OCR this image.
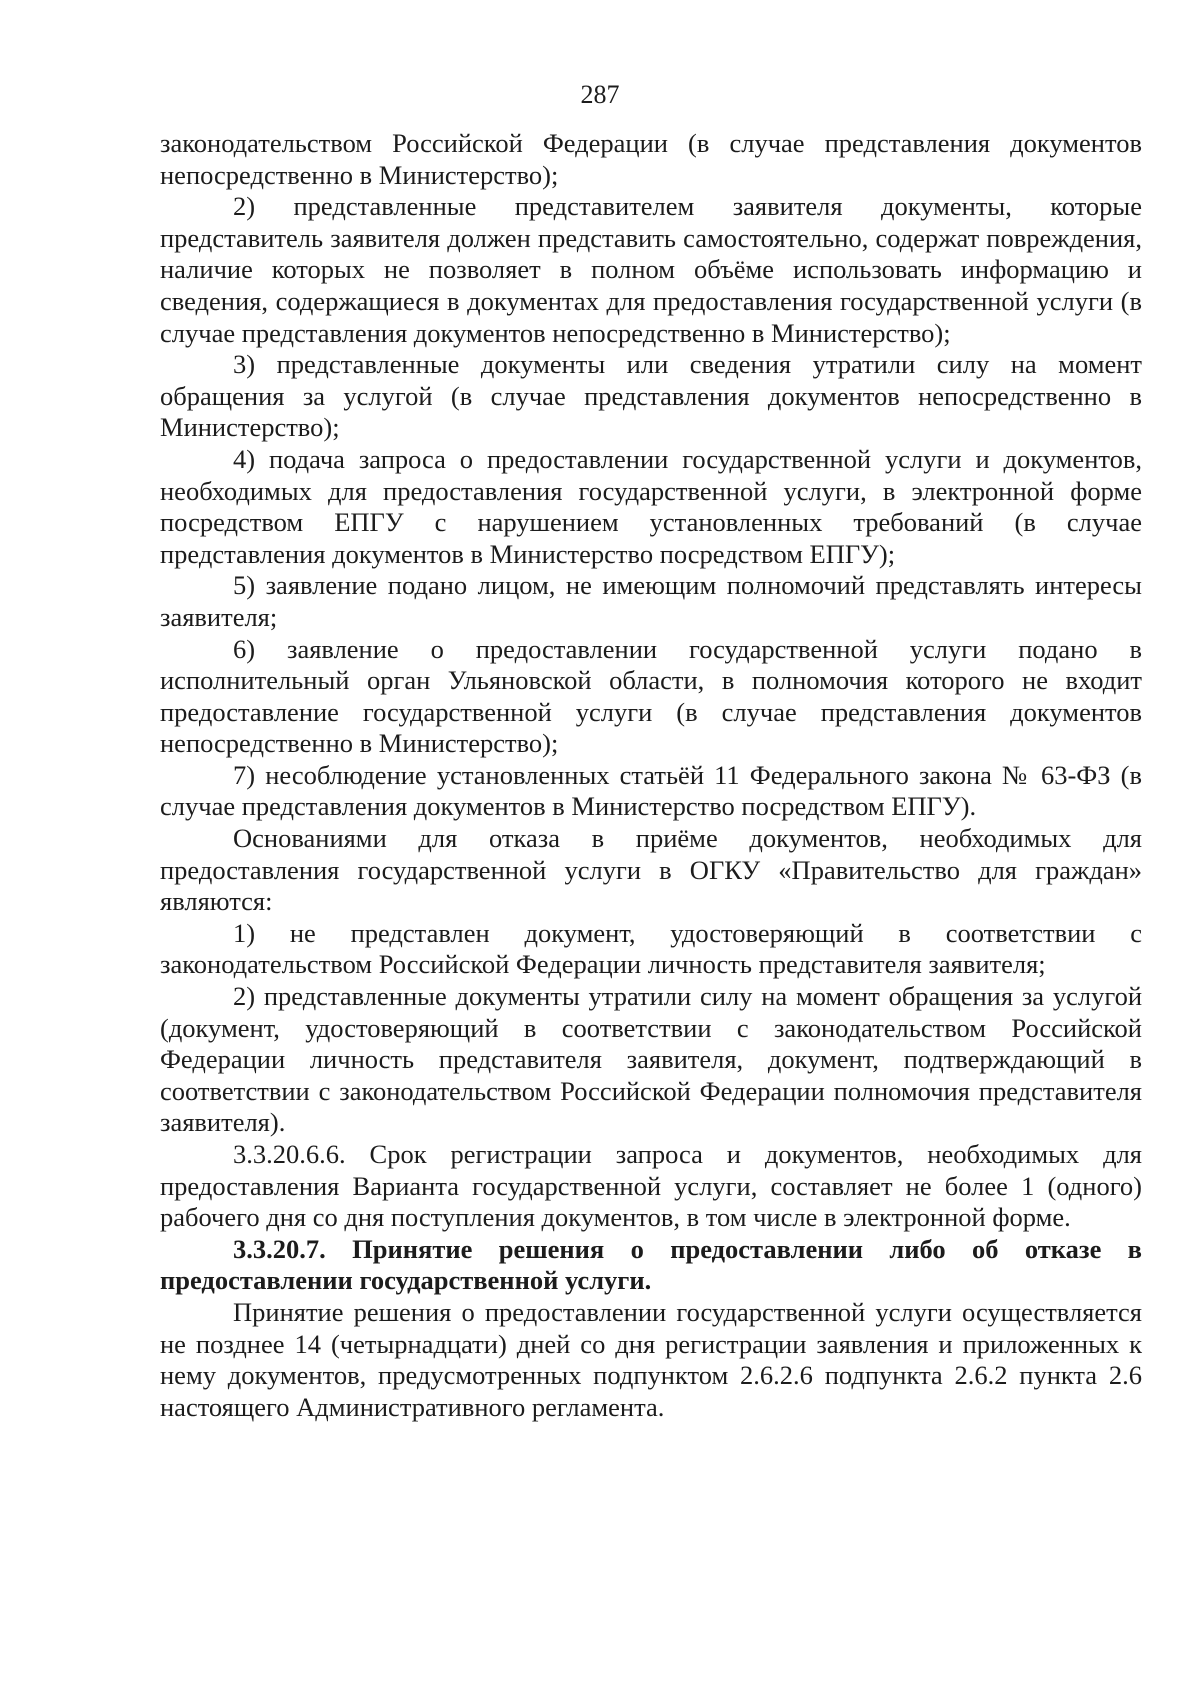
287

законодательством Российской Федерации (в случае представления документов непосредственно в Министерство);

2) представленные представителем заявителя документы, которые представитель заявителя должен представить самостоятельно, содержат повреждения, наличие которых не позволяет в полном объёме использовать информацию и сведения, содержащиеся в документах для предоставления государственной услуги (в случае представления документов непосредственно в Министерство);

3) представленные документы или сведения утратили силу на момент обращения за услугой (в случае представления документов непосредственно в Министерство);

4) подача запроса о предоставлении государственной услуги и документов, необходимых для предоставления государственной услуги, в электронной форме посредством ЕПГУ с нарушением установленных требований (в случае представления документов в Министерство посредством ЕПГУ);

5) заявление подано лицом, не имеющим полномочий представлять интересы заявителя;

6) заявление о предоставлении государственной услуги подано в исполнительный орган Ульяновской области, в полномочия которого не входит предоставление государственной услуги (в случае представления документов непосредственно в Министерство);

7) несоблюдение установленных статьёй 11 Федерального закона № 63-ФЗ (в случае представления документов в Министерство посредством ЕПГУ).

Основаниями для отказа в приёме документов, необходимых для предоставления государственной услуги в ОГКУ «Правительство для граждан» являются:

1) не представлен документ, удостоверяющий в соответствии с законодательством Российской Федерации личность представителя заявителя;

2) представленные документы утратили силу на момент обращения за услугой (документ, удостоверяющий в соответствии с законодательством Российской Федерации личность представителя заявителя, документ, подтверждающий в соответствии с законодательством Российской Федерации полномочия представителя заявителя).

3.3.20.6.6. Срок регистрации запроса и документов, необходимых для предоставления Варианта государственной услуги, составляет не более 1 (одного) рабочего дня со дня поступления документов, в том числе в электронной форме.

3.3.20.7. Принятие решения о предоставлении либо об отказе в предоставлении государственной услуги.

Принятие решения о предоставлении государственной услуги осуществляется не позднее 14 (четырнадцати) дней со дня регистрации заявления и приложенных к нему документов, предусмотренных подпунктом 2.6.2.6 подпункта 2.6.2 пункта 2.6 настоящего Административного регламента.
